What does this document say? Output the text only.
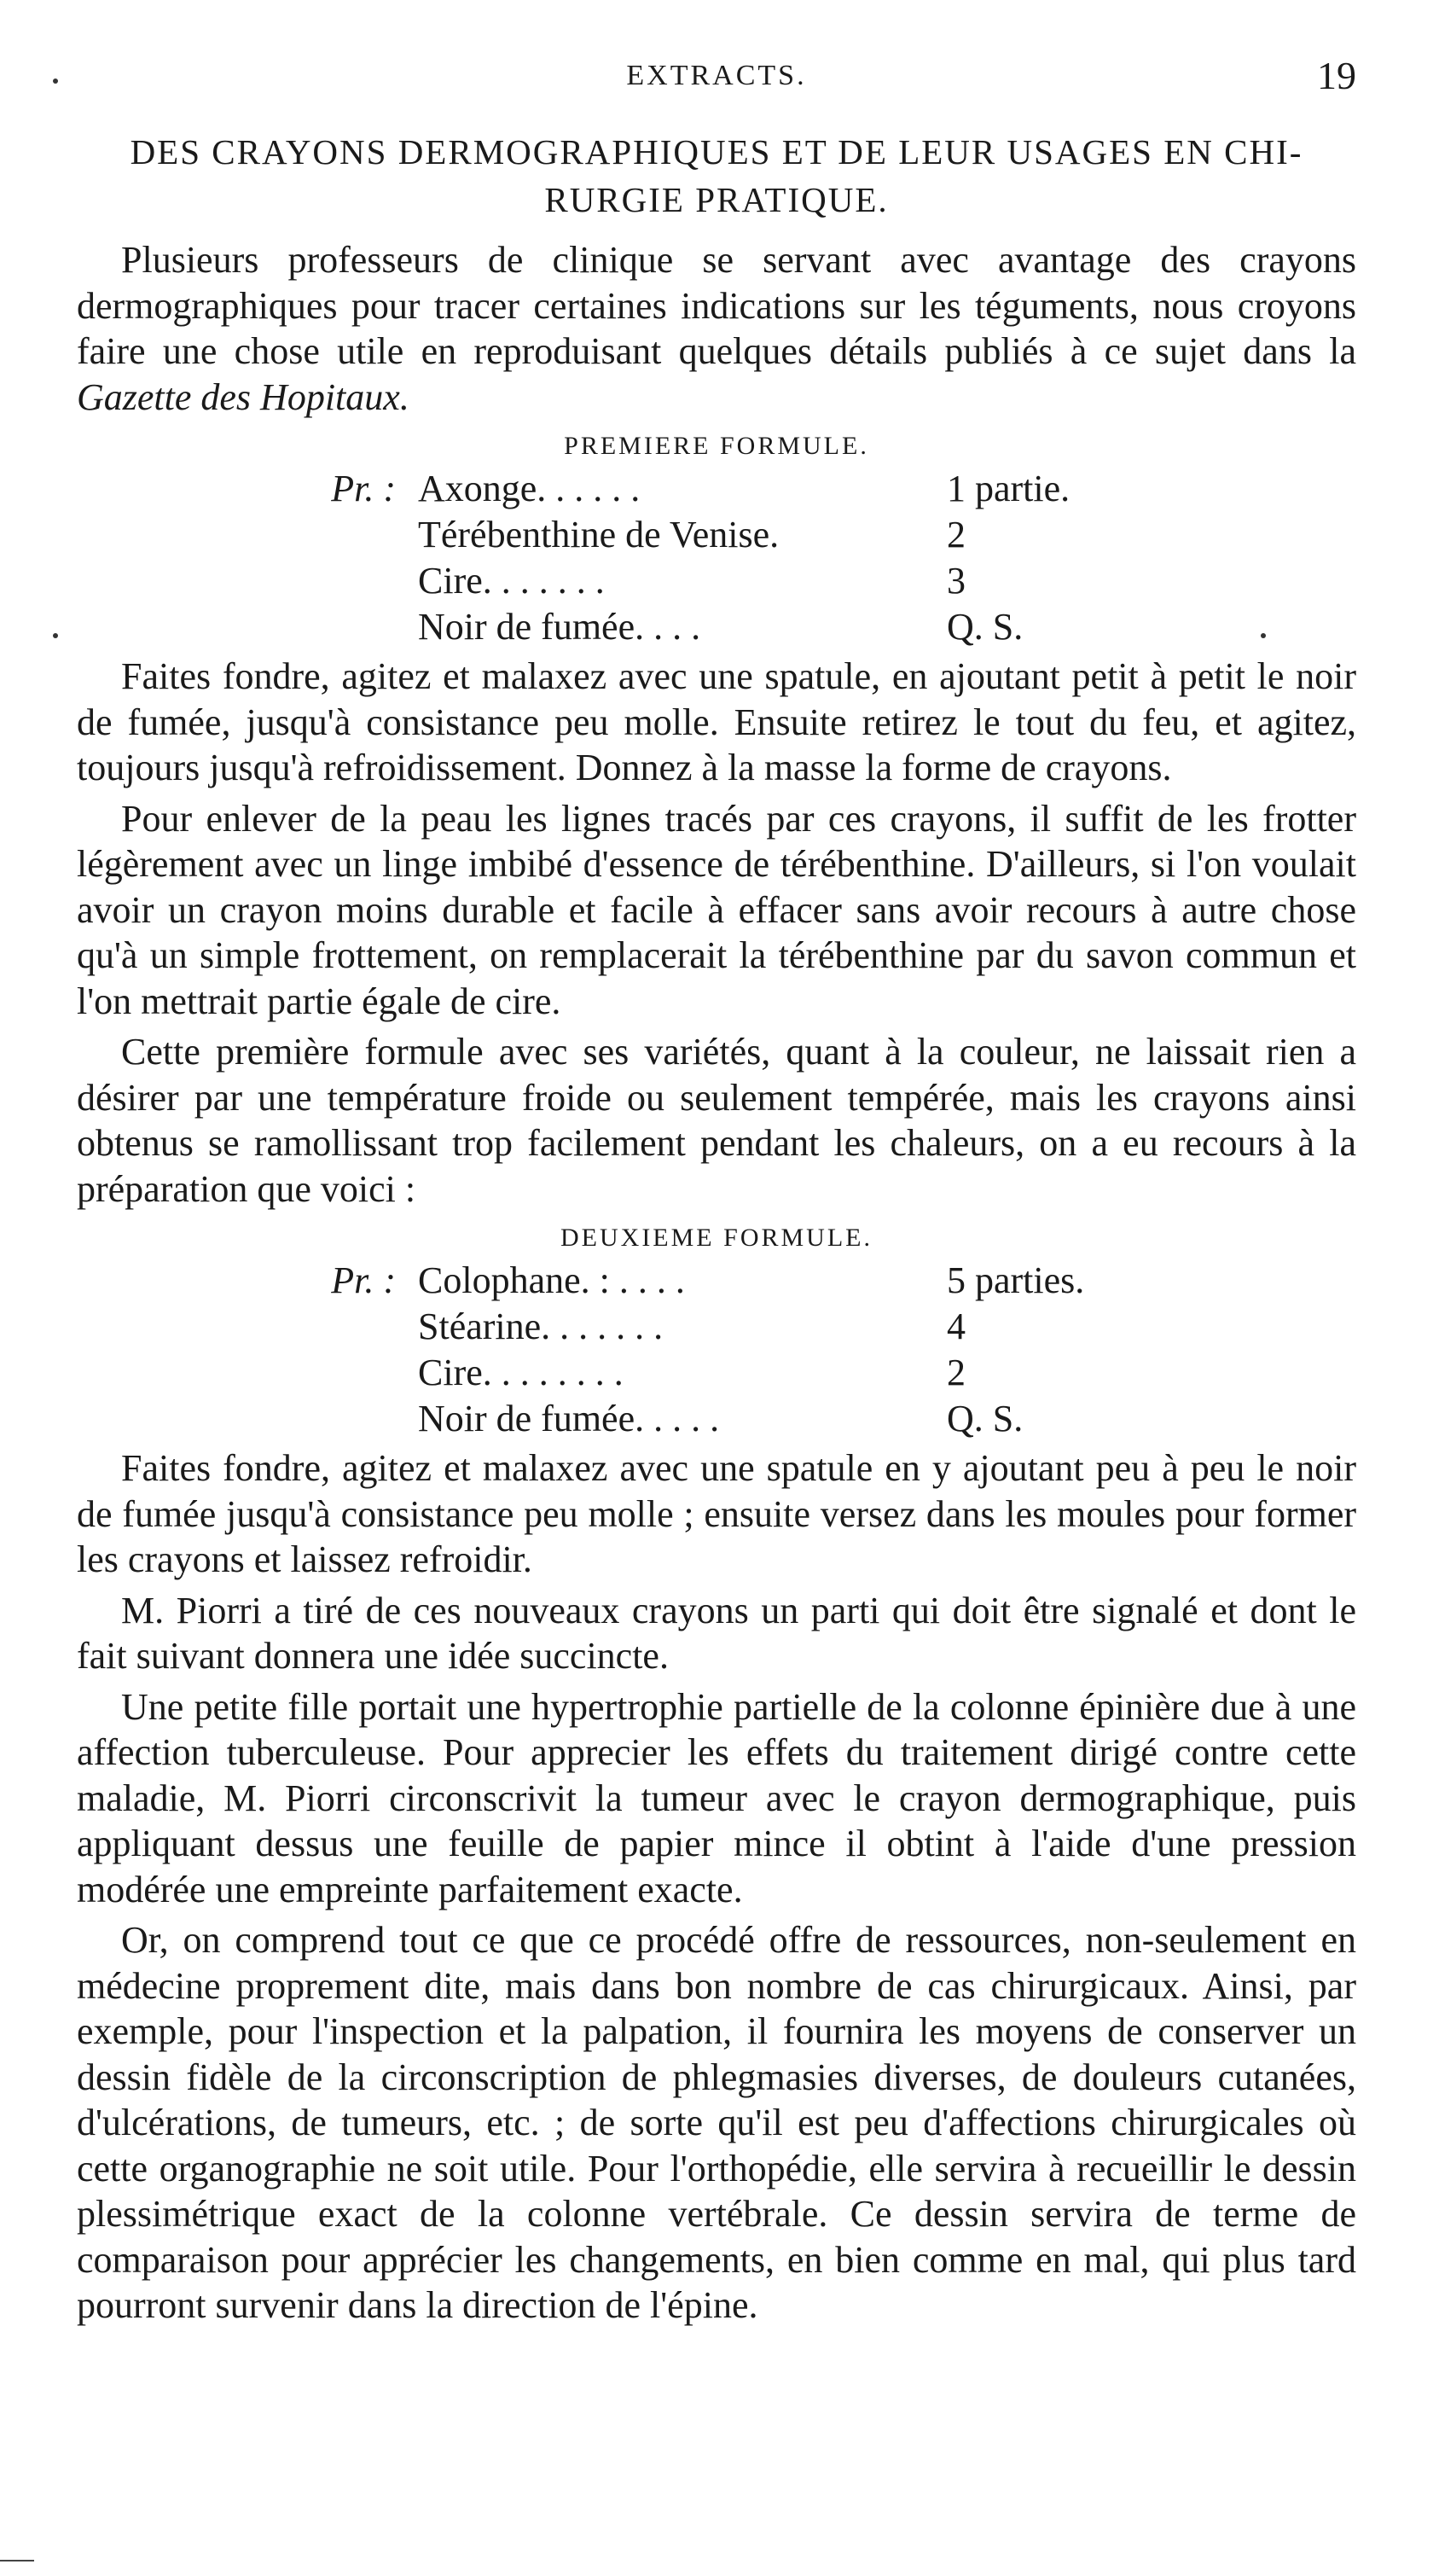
EXTRACTS.	19
DES CRAYONS DERMOGRAPHIQUES ET DE LEUR USAGES EN CHI-
RURGIE PRATIQUE.

Plusieurs professeurs de clinique se servant avec avantage des crayons dermographiques pour tracer certaines indications sur les téguments, nous croyons faire une chose utile en reproduisant quelques détails publiés à ce sujet dans la Gazette des Hopitaux.

PREMIERE FORMULE.
Pr. : Axonge. . . . . .	1 partie.
Térébenthine de Venise.	2
Cire. . . . . . .	3
Noir de fumée. . . .	Q. S.

Faites fondre, agitez et malaxez avec une spatule, en ajoutant petit à petit le noir de fumée, jusqu'à consistance peu molle. Ensuite retirez le tout du feu, et agitez, toujours jusqu'à refroidissement. Donnez à la masse la forme de crayons.

Pour enlever de la peau les lignes tracés par ces crayons, il suffit de les frotter légèrement avec un linge imbibé d'essence de térébenthine. D'ailleurs, si l'on voulait avoir un crayon moins durable et facile à effacer sans avoir recours à autre chose qu'à un simple frottement, on remplacerait la térébenthine par du savon commun et l'on mettrait partie égale de cire.

Cette première formule avec ses variétés, quant à la couleur, ne laissait rien a désirer par une température froide ou seulement tempérée, mais les crayons ainsi obtenus se ramollissant trop facilement pendant les chaleurs, on a eu recours à la préparation que voici :

DEUXIEME FORMULE.
Pr. : Colophane. : . . . .	5 parties.
Stéarine. . . . . . .	4
Cire. . . . . . . .	2
Noir de fumée. . . . .	Q. S.

Faites fondre, agitez et malaxez avec une spatule en y ajoutant peu à peu le noir de fumée jusqu'à consistance peu molle ; ensuite versez dans les moules pour former les crayons et laissez refroidir.

M. Piorri a tiré de ces nouveaux crayons un parti qui doit être signalé et dont le fait suivant donnera une idée succincte.

Une petite fille portait une hypertrophie partielle de la colonne épinière due à une affection tuberculeuse. Pour apprecier les effets du traitement dirigé contre cette maladie, M. Piorri circonscrivit la tumeur avec le crayon dermographique, puis appliquant dessus une feuille de papier mince il obtint à l'aide d'une pression modérée une empreinte parfaitement exacte.

Or, on comprend tout ce que ce procédé offre de ressources, non-seulement en médecine proprement dite, mais dans bon nombre de cas chirurgicaux. Ainsi, par exemple, pour l'inspection et la palpation, il fournira les moyens de conserver un dessin fidèle de la circonscription de phlegmasies diverses, de douleurs cutanées, d'ulcérations, de tumeurs, etc. ; de sorte qu'il est peu d'affections chirurgicales où cette organographie ne soit utile. Pour l'orthopédie, elle servira à recueillir le dessin plessimétrique exact de la colonne vertébrale. Ce dessin servira de terme de comparaison pour apprécier les changements, en bien comme en mal, qui plus tard pourront survenir dans la direction de l'épine.
